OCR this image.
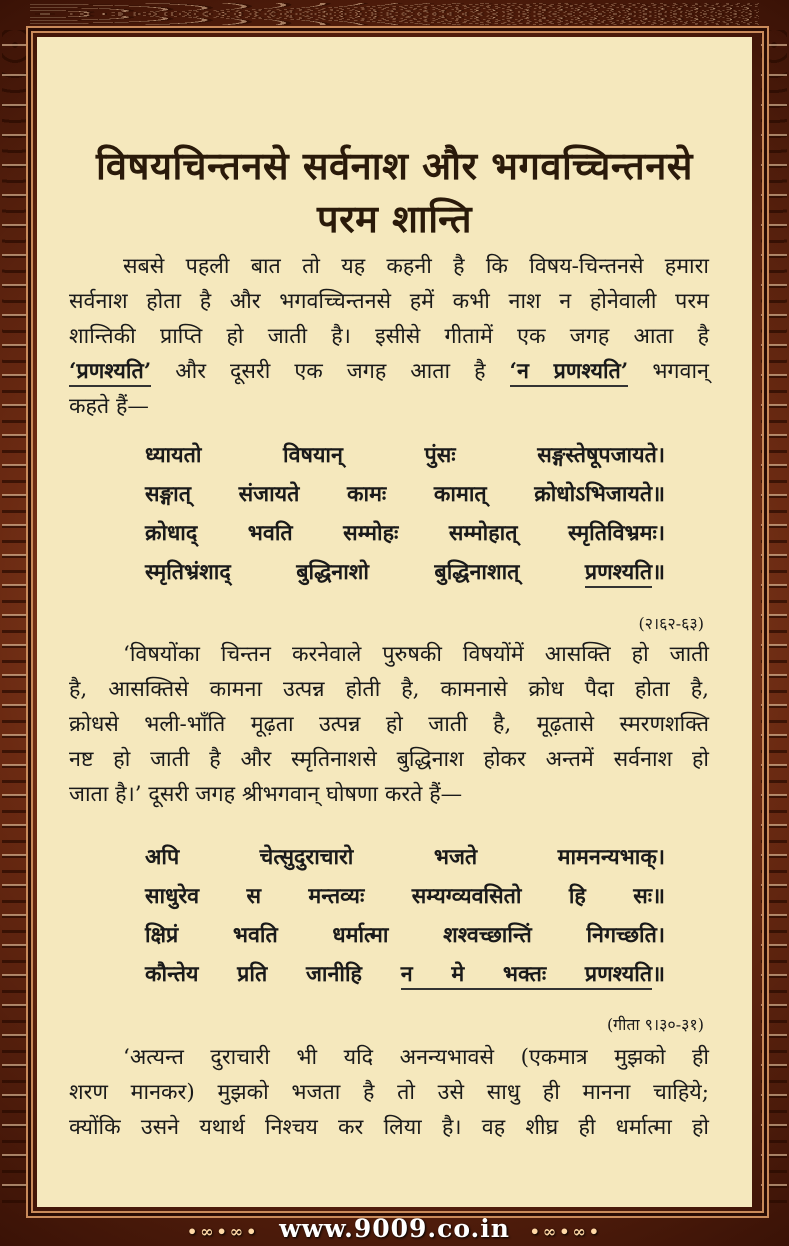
विषयचिन्तनसे सर्वनाश और भगवच्चिन्तनसे
परम शान्ति
सबसे पहली बात तो यह कहनी है कि विषय-चिन्तनसे हमारा
सर्वनाश होता है और भगवच्चिन्तनसे हमें कभी नाश न होनेवाली परम
शान्तिकी प्राप्ति हो जाती है। इसीसे गीतामें एक जगह आता है
‘प्रणश्यति’ और दूसरी एक जगह आता है ‘न प्रणश्यति’ भगवान्
कहते हैं—
ध्यायतो विषयान् पुंसः सङ्गस्तेषूपजायते।
सङ्गात् संजायते कामः कामात् क्रोधोऽभिजायते॥
क्रोधाद् भवति सम्मोहः सम्मोहात् स्मृतिविभ्रमः।
स्मृतिभ्रंशाद् बुद्धिनाशो बुद्धिनाशात् प्रणश्यति॥
(२।६२-६३)
‘विषयोंका चिन्तन करनेवाले पुरुषकी विषयोंमें आसक्ति हो जाती
है, आसक्तिसे कामना उत्पन्न होती है, कामनासे क्रोध पैदा होता है,
क्रोधसे भली-भाँति मूढ़ता उत्पन्न हो जाती है, मूढ़तासे स्मरणशक्ति
नष्ट हो जाती है और स्मृतिनाशसे बुद्धिनाश होकर अन्तमें सर्वनाश हो
जाता है।’ दूसरी जगह श्रीभगवान् घोषणा करते हैं—
अपि चेत्सुदुराचारो भजते मामनन्यभाक्।
साधुरेव स मन्तव्यः सम्यग्व्यवसितो हि सः॥
क्षिप्रं भवति धर्मात्मा शश्वच्छान्तिं निगच्छति।
कौन्तेय प्रति जानीहि न मे भक्तः प्रणश्यति॥
(गीता ९।३०-३१)
‘अत्यन्त दुराचारी भी यदि अनन्यभावसे (एकमात्र मुझको ही
शरण मानकर) मुझको भजता है तो उसे साधु ही मानना चाहिये;
क्योंकि उसने यथार्थ निश्चय कर लिया है। वह शीघ्र ही धर्मात्मा हो
•∞•∞• www.9009.co.in •∞•∞•
